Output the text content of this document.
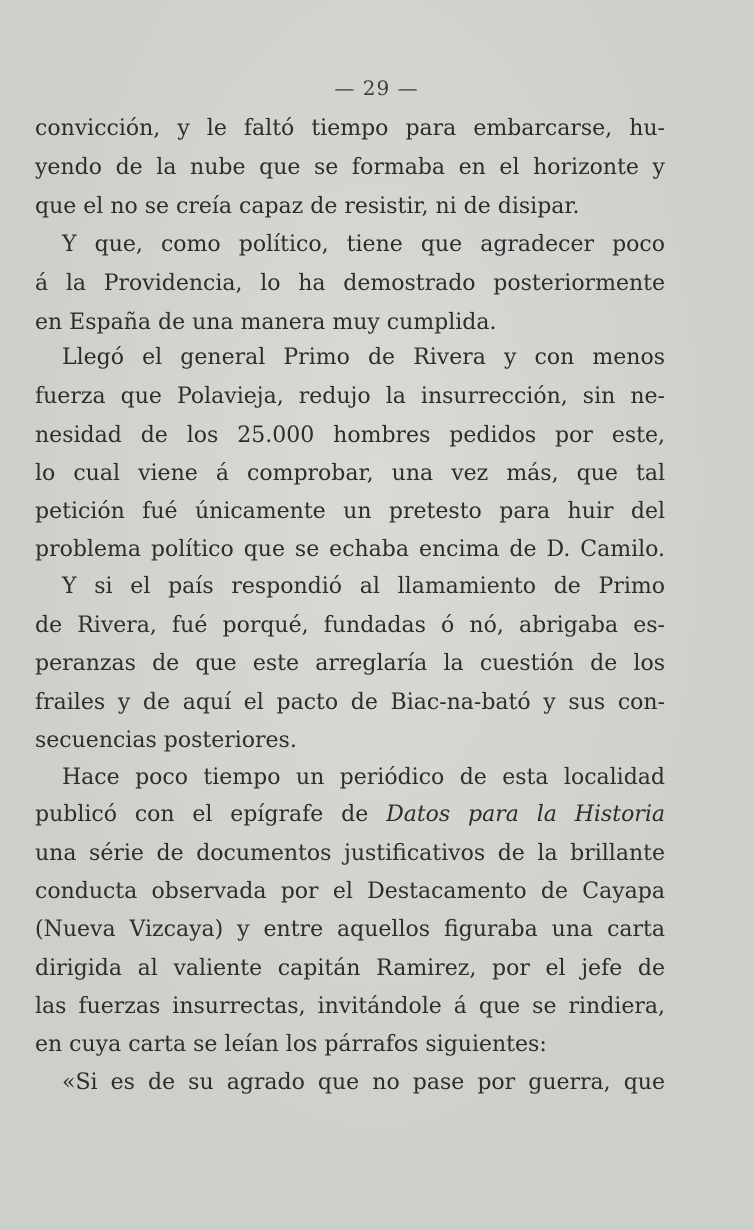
— 29 —
convicción, y le faltó tiempo para embarcarse, hu-
yendo de la nube que se formaba en el horizonte y
que el no se creía capaz de resistir, ni de disipar.
Y que, como político, tiene que agradecer poco
á la Providencia, lo ha demostrado posteriormente
en España de una manera muy cumplida.
Llegó el general Primo de Rivera y con menos
fuerza que Polavieja, redujo la insurrección, sin ne-
nesidad de los 25.000 hombres pedidos por este,
lo cual viene á comprobar, una vez más, que tal
petición fué únicamente un pretesto para huir del
problema político que se echaba encima de D. Camilo.
Y si el país respondió al llamamiento de Primo
de Rivera, fué porqué, fundadas ó nó, abrigaba es-
peranzas de que este arreglaría la cuestión de los
frailes y de aquí el pacto de Biac-na-bató y sus con-
secuencias posteriores.
Hace poco tiempo un periódico de esta localidad
publicó con el epígrafe de Datos para la Historia
una série de documentos justificativos de la brillante
conducta observada por el Destacamento de Cayapa
(Nueva Vizcaya) y entre aquellos figuraba una carta
dirigida al valiente capitán Ramirez, por el jefe de
las fuerzas insurrectas, invitándole á que se rindiera,
en cuya carta se leían los párrafos siguientes:
«Si es de su agrado que no pase por guerra, que
